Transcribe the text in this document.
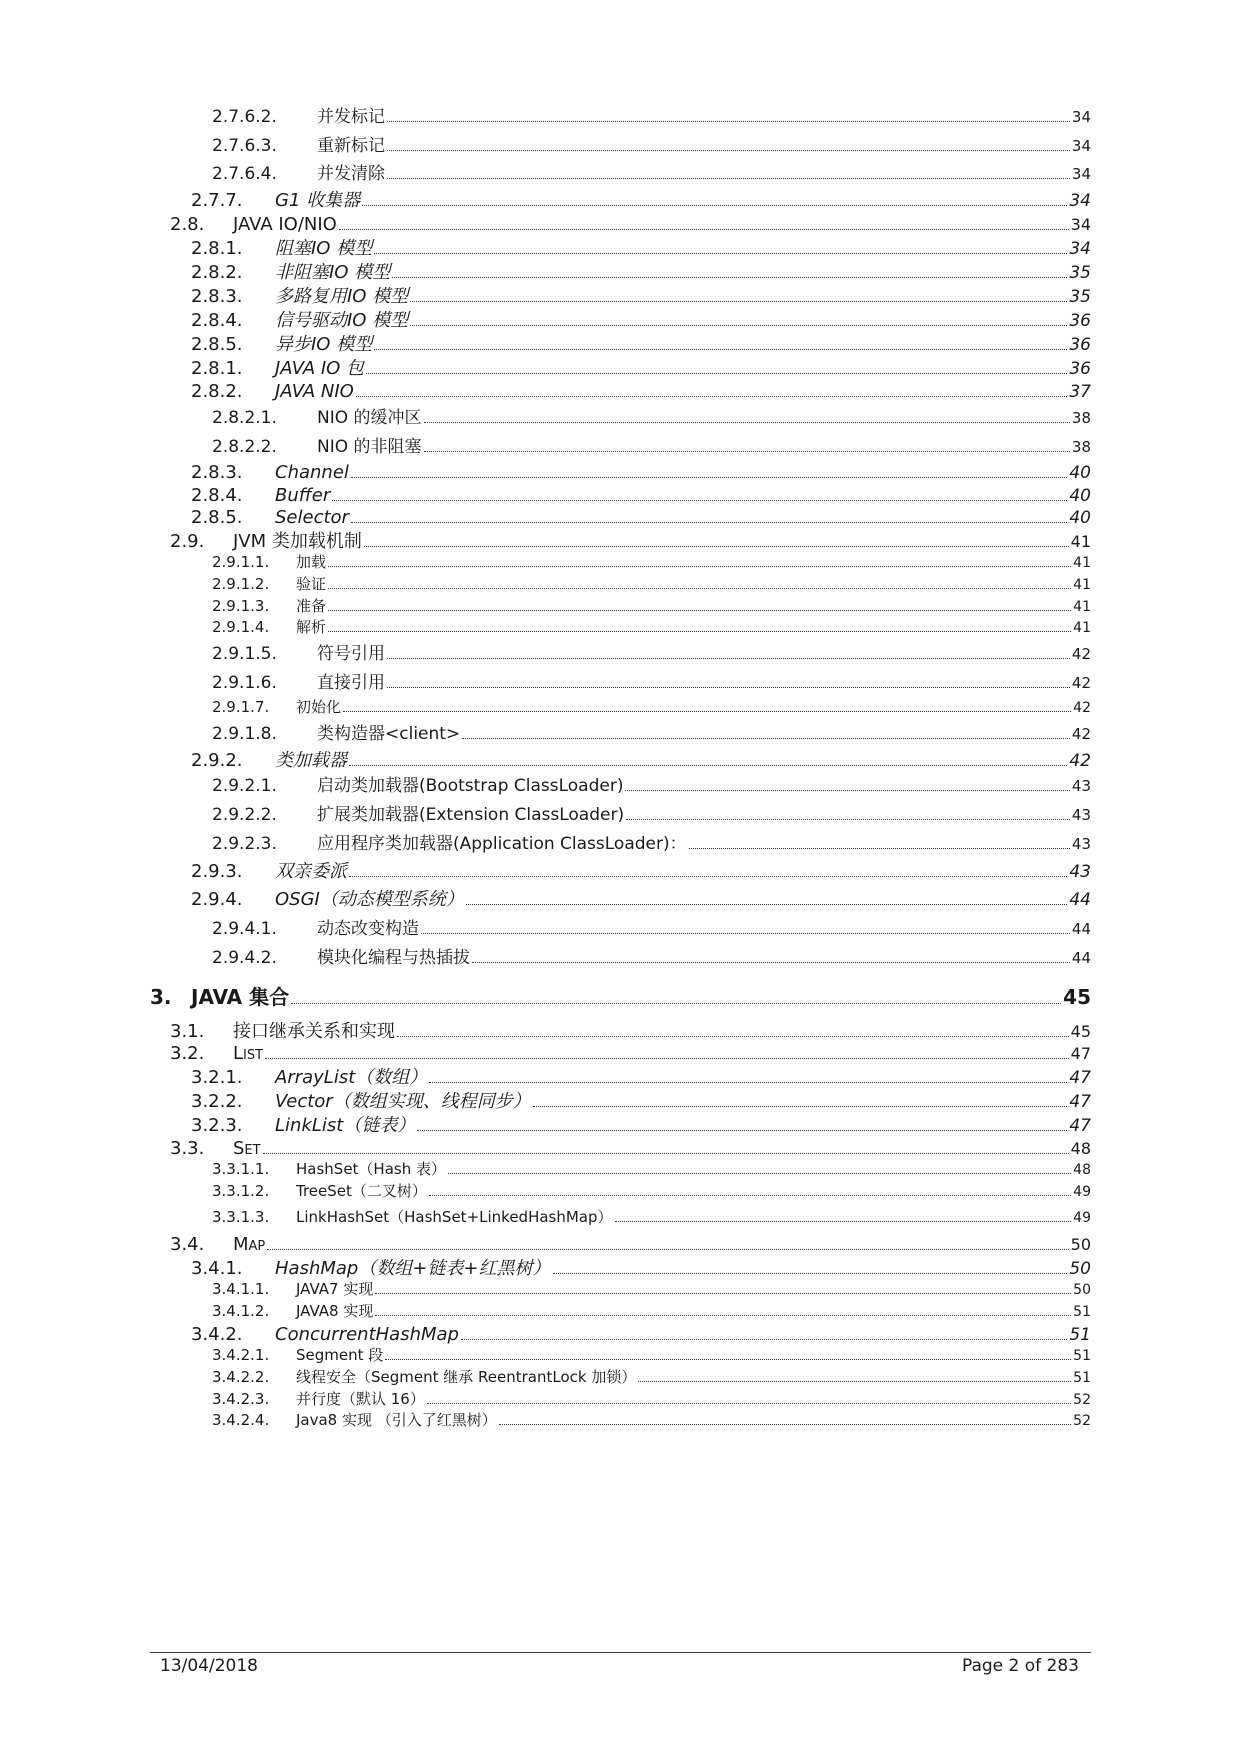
2.7.6.2.	并发标记	34
2.7.6.3.	重新标记	34
2.7.6.4.	并发清除	34
2.7.7.	G1 收集器	34
2.8.	JAVA IO/NIO	34
2.8.1.	阻塞IO 模型	34
2.8.2.	非阻塞IO 模型	35
2.8.3.	多路复用IO 模型	35
2.8.4.	信号驱动IO 模型	36
2.8.5.	异步IO 模型	36
2.8.1.	JAVA IO 包	36
2.8.2.	JAVA NIO	37
2.8.2.1.	NIO 的缓冲区	38
2.8.2.2.	NIO 的非阻塞	38
2.8.3.	Channel	40
2.8.4.	Buffer	40
2.8.5.	Selector	40
2.9.	JVM 类加载机制	41
2.9.1.1.	加载	41
2.9.1.2.	验证	41
2.9.1.3.	准备	41
2.9.1.4.	解析	41
2.9.1.5.	符号引用	42
2.9.1.6.	直接引用	42
2.9.1.7.	初始化	42
2.9.1.8.	类构造器<client>	42
2.9.2.	类加载器	42
2.9.2.1.	启动类加载器(Bootstrap ClassLoader)	43
2.9.2.2.	扩展类加载器(Extension ClassLoader)	43
2.9.2.3.	应用程序类加载器(Application ClassLoader)：	43
2.9.3.	双亲委派	43
2.9.4.	OSGI（动态模型系统）	44
2.9.4.1.	动态改变构造	44
2.9.4.2.	模块化编程与热插拔	44
3. JAVA 集合	45
3.1.	接口继承关系和实现	45
3.2.	List	47
3.2.1.	ArrayList（数组）	47
3.2.2.	Vector（数组实现、线程同步）	47
3.2.3.	LinkList（链表）	47
3.3.	Set	48
3.3.1.1.	HashSet（Hash 表）	48
3.3.1.2.	TreeSet（二叉树）	49
3.3.1.3.	LinkHashSet（HashSet+LinkedHashMap）	49
3.4.	Map	50
3.4.1.	HashMap（数组+链表+红黑树）	50
3.4.1.1.	JAVA7 实现	50
3.4.1.2.	JAVA8 实现	51
3.4.2.	ConcurrentHashMap	51
3.4.2.1.	Segment 段	51
3.4.2.2.	线程安全（Segment 继承 ReentrantLock 加锁）	51
3.4.2.3.	并行度（默认 16）	52
3.4.2.4.	Java8 实现 （引入了红黑树）	52
13/04/2018	Page 2 of 283
